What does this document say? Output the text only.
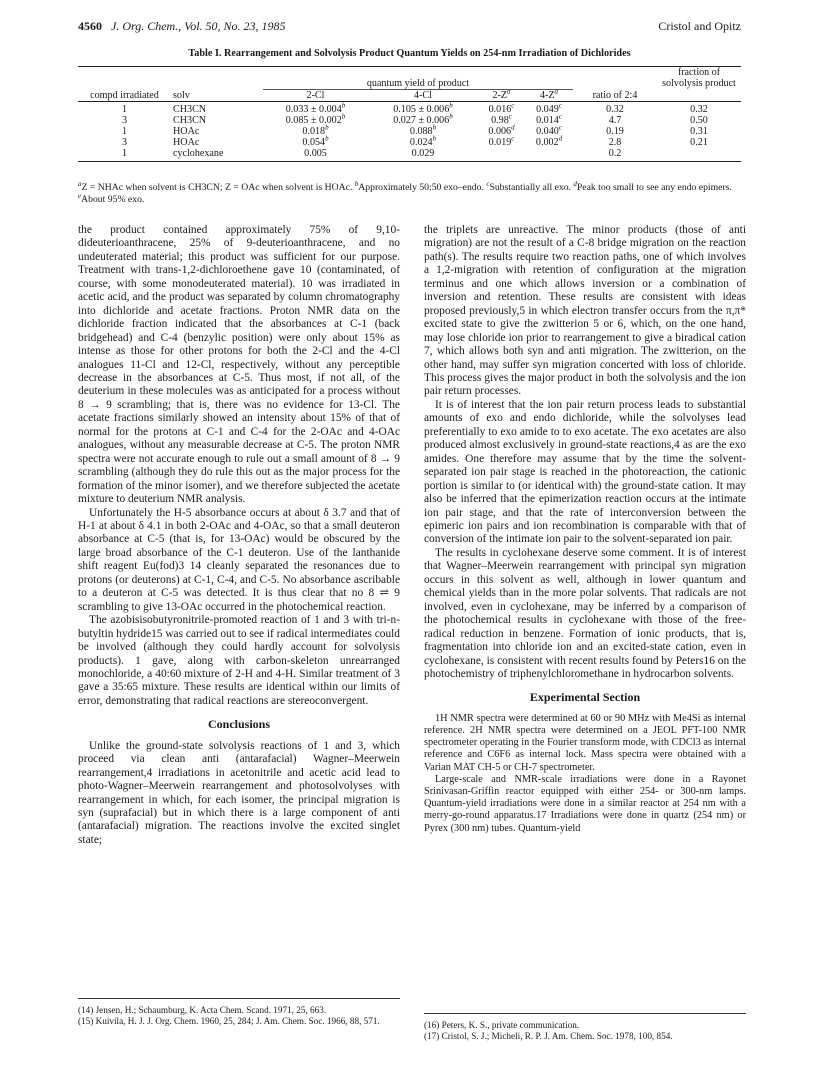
4560 J. Org. Chem., Vol. 50, No. 23, 1985	Cristol and Opitz
Table I. Rearrangement and Solvolysis Product Quantum Yields on 254-nm Irradiation of Dichlorides
		quantum yield of product					fraction of solvolysis product
compd irradiated	solv	2-Cl	4-Cl	$2-Z^a$	$4-Z^a$	ratio of 2:4	
1	CH3CN	0.033 ± 0.004$^b$	0.105 ± 0.006$^b$	0.016$^c$	0.049$^c$	0.32	0.32
3	CH3CN	0.085 ± 0.002$^b$	0.027 ± 0.006$^b$	0.98$^c$	0.014$^c$	4.7	0.50
1	HOAc	0.018$^b$	0.088$^b$	0.006$^d$	0.040$^c$	0.19	0.31
3	HOAc	0.054$^b$	0.024$^b$	0.019$^c$	0.002$^d$	2.8	0.21
1	cyclohexane	0.005	0.029			0.2	
$^a$Z = NHAc when solvent is CH3CN; Z = OAc when solvent is HOAc. $^b$Approximately 50:50 exo–endo. $^c$Substantially all exo. $^d$Peak too small to see any endo epimers. $^e$About 95% exo.

the product contained approximately 75% of 9,10-dideuterioanthracene, 25% of 9-deuterioanthracene, and no undeuterated material; this product was sufficient for our purpose. Treatment with trans-1,2-dichloroethene gave 10 (contaminated, of course, with some monodeuterated material). 10 was irradiated in acetic acid, and the product was separated by column chromatography into dichloride and acetate fractions. Proton NMR data on the dichloride fraction indicated that the absorbances at C-1 (back bridgehead) and C-4 (benzylic position) were only about 15% as intense as those for other protons for both the 2-Cl and the 4-Cl analogues 11-Cl and 12-Cl, respectively, without any perceptible decrease in the absorbances at C-5. Thus most, if not all, of the deuterium in these molecules was as anticipated for a process without 8 → 9 scrambling; that is, there was no evidence for 13-Cl. The acetate fractions similarly showed an intensity about 15% of that of normal for the protons at C-1 and C-4 for the 2-OAc and 4-OAc analogues, without any measurable decrease at C-5. The proton NMR spectra were not accurate enough to rule out a small amount of 8 → 9 scrambling (although they do rule this out as the major process for the formation of the minor isomer), and we therefore subjected the acetate mixture to deuterium NMR analysis.

Unfortunately the H-5 absorbance occurs at about δ 3.7 and that of H-1 at about δ 4.1 in both 2-OAc and 4-OAc, so that a small deuteron absorbance at C-5 (that is, for 13-OAc) would be obscured by the large broad absorbance of the C-1 deuteron. Use of the lanthanide shift reagent Eu(fod)3 14 cleanly separated the resonances due to protons (or deuterons) at C-1, C-4, and C-5. No absorbance ascribable to a deuteron at C-5 was detected. It is thus clear that no 8 ⇌ 9 scrambling to give 13-OAc occurred in the photochemical reaction.

The azobisisobutyronitrile-promoted reaction of 1 and 3 with tri-n-butyltin hydride15 was carried out to see if radical intermediates could be involved (although they could hardly account for solvolysis products). 1 gave, along with carbon-skeleton unrearranged monochloride, a 40:60 mixture of 2-H and 4-H. Similar treatment of 3 gave a 35:65 mixture. These results are identical within our limits of error, demonstrating that radical reactions are stereoconvergent.

Conclusions

Unlike the ground-state solvolysis reactions of 1 and 3, which proceed via clean anti (antarafacial) Wagner–Meerwein rearrangement,4 irradiations in acetonitrile and acetic acid lead to photo-Wagner–Meerwein rearrangement and photosolvolyses with rearrangement in which, for each isomer, the principal migration is syn (suprafacial) but in which there is a large component of anti (antarafacial) migration. The reactions involve the excited singlet state;

the triplets are unreactive. The minor products (those of anti migration) are not the result of a C-8 bridge migration on the reaction path(s). The results require two reaction paths, one of which involves a 1,2-migration with retention of configuration at the migration terminus and one which allows inversion or a combination of inversion and retention. These results are consistent with ideas proposed previously,5 in which electron transfer occurs from the π,π* excited state to give the zwitterion 5 or 6, which, on the one hand, may lose chloride ion prior to rearrangement to give a biradical cation 7, which allows both syn and anti migration. The zwitterion, on the other hand, may suffer syn migration concerted with loss of chloride. This process gives the major product in both the solvolysis and the ion pair return processes.

It is of interest that the ion pair return process leads to substantial amounts of exo and endo dichloride, while the solvolyses lead preferentially to exo amide to to exo acetate. The exo acetates are also produced almost exclusively in ground-state reactions,4 as are the exo amides. One therefore may assume that by the time the solvent-separated ion pair stage is reached in the photoreaction, the cationic portion is similar to (or identical with) the ground-state cation. It may also be inferred that the epimerization reaction occurs at the intimate ion pair stage, and that the rate of interconversion between the epimeric ion pairs and ion recombination is comparable with that of conversion of the intimate ion pair to the solvent-separated ion pair.

The results in cyclohexane deserve some comment. It is of interest that Wagner–Meerwein rearrangement with principal syn migration occurs in this solvent as well, although in lower quantum and chemical yields than in the more polar solvents. That radicals are not involved, even in cyclohexane, may be inferred by a comparison of the photochemical results in cyclohexane with those of the free-radical reduction in benzene. Formation of ionic products, that is, fragmentation into chloride ion and an excited-state cation, even in cyclohexane, is consistent with recent results found by Peters16 on the photochemistry of triphenylchloromethane in hydrocarbon solvents.

Experimental Section

1H NMR spectra were determined at 60 or 90 MHz with Me4Si as internal reference. 2H NMR spectra were determined on a JEOL PFT-100 NMR spectrometer operating in the Fourier transform mode, with CDCl3 as internal reference and C6F6 as internal lock. Mass spectra were obtained with a Varian MAT CH-5 or CH-7 spectrometer.

Large-scale and NMR-scale irradiations were done in a Rayonet Srinivasan-Griffin reactor equipped with either 254- or 300-nm lamps. Quantum-yield irradiations were done in a similar reactor at 254 nm with a merry-go-round apparatus.17 Irradiations were done in quartz (254 nm) or Pyrex (300 nm) tubes. Quantum-yield

(14) Jensen, H.; Schaumburg, K. Acta Chem. Scand. 1971, 25, 663.

(15) Kuivila, H. J. J. Org. Chem. 1960, 25, 284; J. Am. Chem. Soc. 1966, 88, 571.	(16) Peters, K. S., private communication.

(17) Cristol, S. J.; Micheli, R. P. J. Am. Chem. Soc. 1978, 100, 854.
